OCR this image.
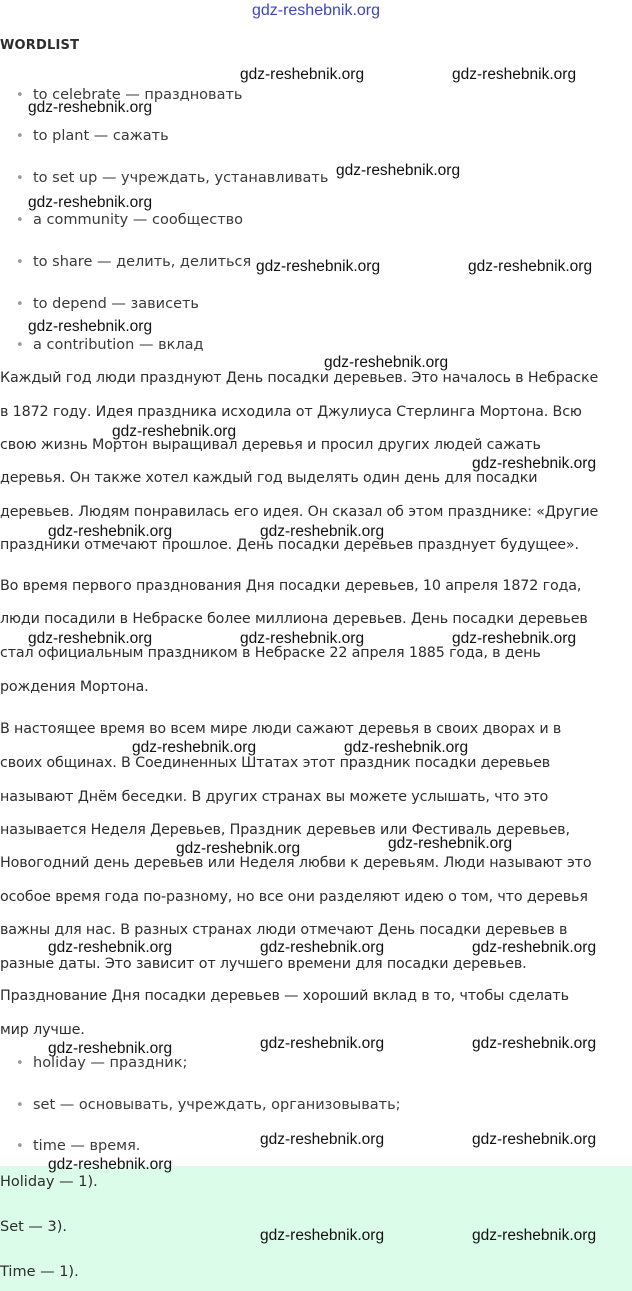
gdz-reshebnik.org
WORDLIST
• to celebrate — праздновать
• to plant — сажать
• to set up — учреждать, устанавливать
• a community — сообщество
• to share — делить, делиться
• to depend — зависеть
• a contribution — вклад
Каждый год люди празднуют День посадки деревьев. Это началось в Небраске
в 1872 году. Идея праздника исходила от Джулиуса Стерлинга Мортона. Всю
свою жизнь Мортон выращивал деревья и просил других людей сажать
деревья. Он также хотел каждый год выделять один день для посадки
деревьев. Людям понравилась его идея. Он сказал об этом празднике: «Другие
праздники отмечают прошлое. День посадки деревьев празднует будущее».
Во время первого празднования Дня посадки деревьев, 10 апреля 1872 года,
люди посадили в Небраске более миллиона деревьев. День посадки деревьев
стал официальным праздником в Небраске 22 апреля 1885 года, в день
рождения Мортона.
В настоящее время во всем мире люди сажают деревья в своих дворах и в
своих общинах. В Соединенных Штатах этот праздник посадки деревьев
называют Днём беседки. В других странах вы можете услышать, что это
называется Неделя Деревьев, Праздник деревьев или Фестиваль деревьев,
Новогодний день деревьев или Неделя любви к деревьям. Люди называют это
особое время года по-разному, но все они разделяют идею о том, что деревья
важны для нас. В разных странах люди отмечают День посадки деревьев в
разные даты. Это зависит от лучшего времени для посадки деревьев.
Празднование Дня посадки деревьев — хороший вклад в то, чтобы сделать
мир лучше.
• holiday — праздник;
• set — основывать, учреждать, организовывать;
• time — время.
Holiday — 1).
Set — 3).
Time — 1).
gdz-reshebnik.org	gdz-reshebnik.org
gdz-reshebnik.org
gdz-reshebnik.org
gdz-reshebnik.org
gdz-reshebnik.org	gdz-reshebnik.org
gdz-reshebnik.org
gdz-reshebnik.org
gdz-reshebnik.org
gdz-reshebnik.org
gdz-reshebnik.org	gdz-reshebnik.org
gdz-reshebnik.org	gdz-reshebnik.org	gdz-reshebnik.org
gdz-reshebnik.org	gdz-reshebnik.org
gdz-reshebnik.org
gdz-reshebnik.org
gdz-reshebnik.org	gdz-reshebnik.org	gdz-reshebnik.org
gdz-reshebnik.org	gdz-reshebnik.org	gdz-reshebnik.org
gdz-reshebnik.org	gdz-reshebnik.org
gdz-reshebnik.org
gdz-reshebnik.org	gdz-reshebnik.org
